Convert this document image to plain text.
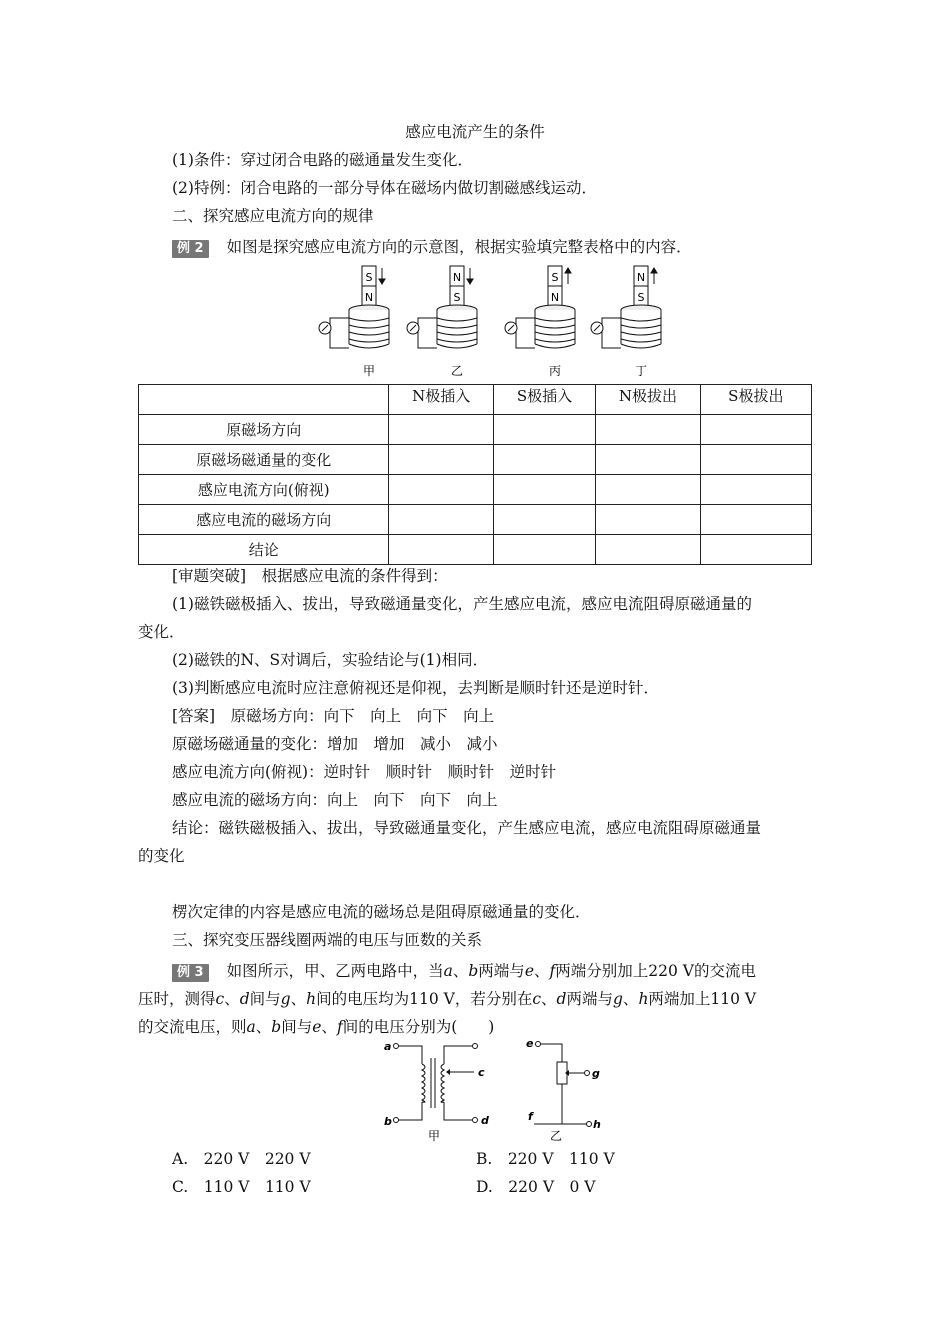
感应电流产生的条件
(1)条件：穿过闭合电路的磁通量发生变化．
(2)特例：闭合电路的一部分导体在磁场内做切割磁感线运动．
二、探究感应电流方向的规律
例 2 如图是探究感应电流方向的示意图，根据实验填完整表格中的内容．
S
N
N
S
S
N
N
S
甲	乙	丙	丁
	N极插入	S极插入	N极拔出	S极拔出
原磁场方向				
原磁场磁通量的变化				
感应电流方向(俯视)				
感应电流的磁场方向				
结论				
[审题突破]　根据感应电流的条件得到：
(1)磁铁磁极插入、拔出，导致磁通量变化，产生感应电流，感应电流阻碍原磁通量的
变化．
(2)磁铁的N、S对调后，实验结论与(1)相同．
(3)判断感应电流时应注意俯视还是仰视，去判断是顺时针还是逆时针．
[答案]　原磁场方向：向下　向上　向下　向上
原磁场磁通量的变化：增加　增加　减小　减小
感应电流方向(俯视)：逆时针　顺时针　顺时针　逆时针
感应电流的磁场方向：向上　向下　向下　向上
结论：磁铁磁极插入、拔出，导致磁通量变化，产生感应电流，感应电流阻碍原磁通量
的变化
楞次定律的内容是感应电流的磁场总是阻碍原磁通量的变化．
三、探究变压器线圈两端的电压与匝数的关系
例 3 如图所示，甲、乙两电路中，当a、b两端与e、f两端分别加上220 V的交流电
压时，测得c、d间与g、h间的电压均为110 V，若分别在c、d两端与g、h两端加上110 V
的交流电压，则a、b间与e、f间的电压分别为(　　)
a
b
c
d
e
f
g
h
甲	乙
A.　220 V　220 V	B.　220 V　110 V
C.　110 V　110 V	D.　220 V　0 V
